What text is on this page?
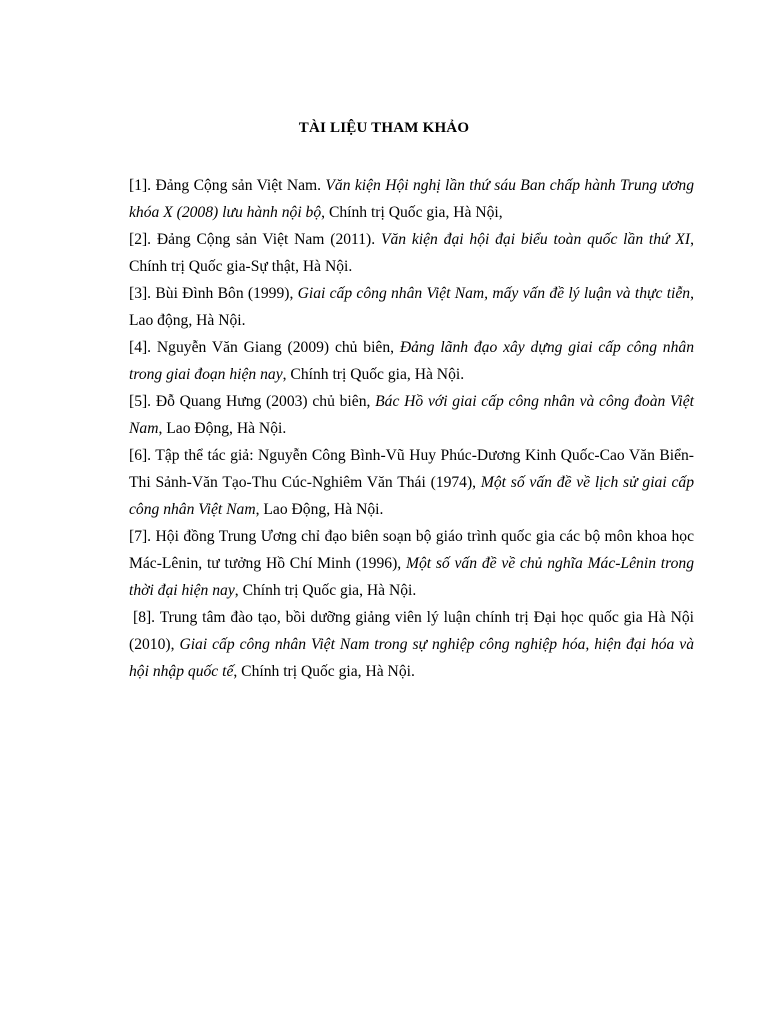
TÀI LIỆU THAM KHẢO

[1]. Đảng Cộng sản Việt Nam. Văn kiện Hội nghị lần thứ sáu Ban chấp hành Trung ương khóa X (2008) lưu hành nội bộ, Chính trị Quốc gia, Hà Nội,

[2]. Đảng Cộng sản Việt Nam (2011). Văn kiện đại hội đại biểu toàn quốc lần thứ XI, Chính trị Quốc gia-Sự thật, Hà Nội.

[3]. Bùi Đình Bôn (1999), Giai cấp công nhân Việt Nam, mấy vấn đề lý luận và thực tiễn, Lao động, Hà Nội.

[4]. Nguyễn Văn Giang (2009) chủ biên, Đảng lãnh đạo xây dựng giai cấp công nhân trong giai đoạn hiện nay, Chính trị Quốc gia, Hà Nội.

[5]. Đỗ Quang Hưng (2003) chủ biên, Bác Hồ với giai cấp công nhân và công đoàn Việt Nam, Lao Động, Hà Nội.

[6]. Tập thể tác giả: Nguyễn Công Bình-Vũ Huy Phúc-Dương Kinh Quốc-Cao Văn Biển-Thi Sảnh-Văn Tạo-Thu Cúc-Nghiêm Văn Thái (1974), Một số vấn đề về lịch sử giai cấp công nhân Việt Nam, Lao Động, Hà Nội.

[7]. Hội đồng Trung Ương chỉ đạo biên soạn bộ giáo trình quốc gia các bộ môn khoa học Mác-Lênin, tư tưởng Hồ Chí Minh (1996), Một số vấn đề về chủ nghĩa Mác-Lênin trong thời đại hiện nay, Chính trị Quốc gia, Hà Nội.

[8]. Trung tâm đào tạo, bồi dưỡng giảng viên lý luận chính trị Đại học quốc gia Hà Nội (2010), Giai cấp công nhân Việt Nam trong sự nghiệp công nghiệp hóa, hiện đại hóa và hội nhập quốc tế, Chính trị Quốc gia, Hà Nội.
